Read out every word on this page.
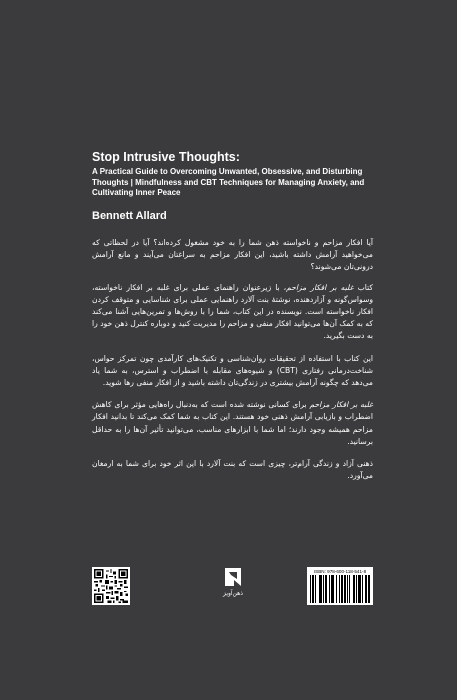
Stop Intrusive Thoughts:

A Practical Guide to Overcoming Unwanted, Obsessive, and Disturbing Thoughts | Mindfulness and CBT Techniques for Managing Anxiety, and Cultivating Inner Peace

Bennett Allard

آیا افکار مزاحم و ناخواسته ذهن شما را به خود مشغول کرده‌اند؟ آیا در لحظاتی که می‌خواهید آرامش داشته باشید، این افکار مزاحم به سراغتان می‌آیند و مانع آرامش درونی‌تان می‌شوند؟

کتاب غلبه بر افکار مزاحم، با زیرعنوان راهنمای عملی برای غلبه بر افکار ناخواسته، وسواس‌گونه و آزاردهنده، نوشتهٔ بنت آلارد راهنمایی عملی برای شناسایی و متوقف کردن افکار ناخواسته است. نویسنده در این کتاب، شما را با روش‌ها و تمرین‌هایی آشنا می‌کند که به کمک آن‌ها می‌توانید افکار منفی و مزاحم را مدیریت کنید و دوباره کنترل ذهن خود را به دست بگیرید.

این کتاب با استفاده از تحقیقات روان‌شناسی و تکنیک‌های کارآمدی چون تمرکز حواس، شناخت‌درمانی رفتاری (CBT) و شیوه‌های مقابله با اضطراب و استرس، به شما یاد می‌دهد که چگونه آرامش بیشتری در زندگی‌تان داشته باشید و از افکار منفی رها شوید.

غلبه بر افکار مزاحم برای کسانی نوشته شده است که به‌دنبال راه‌هایی مؤثر برای کاهش اضطراب و بازیابی آرامش ذهنی خود هستند. این کتاب به شما کمک می‌کند تا بدانید افکار مزاحم همیشه وجود دارند؛ اما شما با ابزارهای مناسب، می‌توانید تأثیر آن‌ها را به حداقل برسانید.

ذهنی آزاد و زندگی آرام‌تر، چیزی است که بنت آلارد با این اثر خود برای شما به ارمغان می‌آورد.

ذهن‌آویز
ISBN: 978-600-118-541-8
